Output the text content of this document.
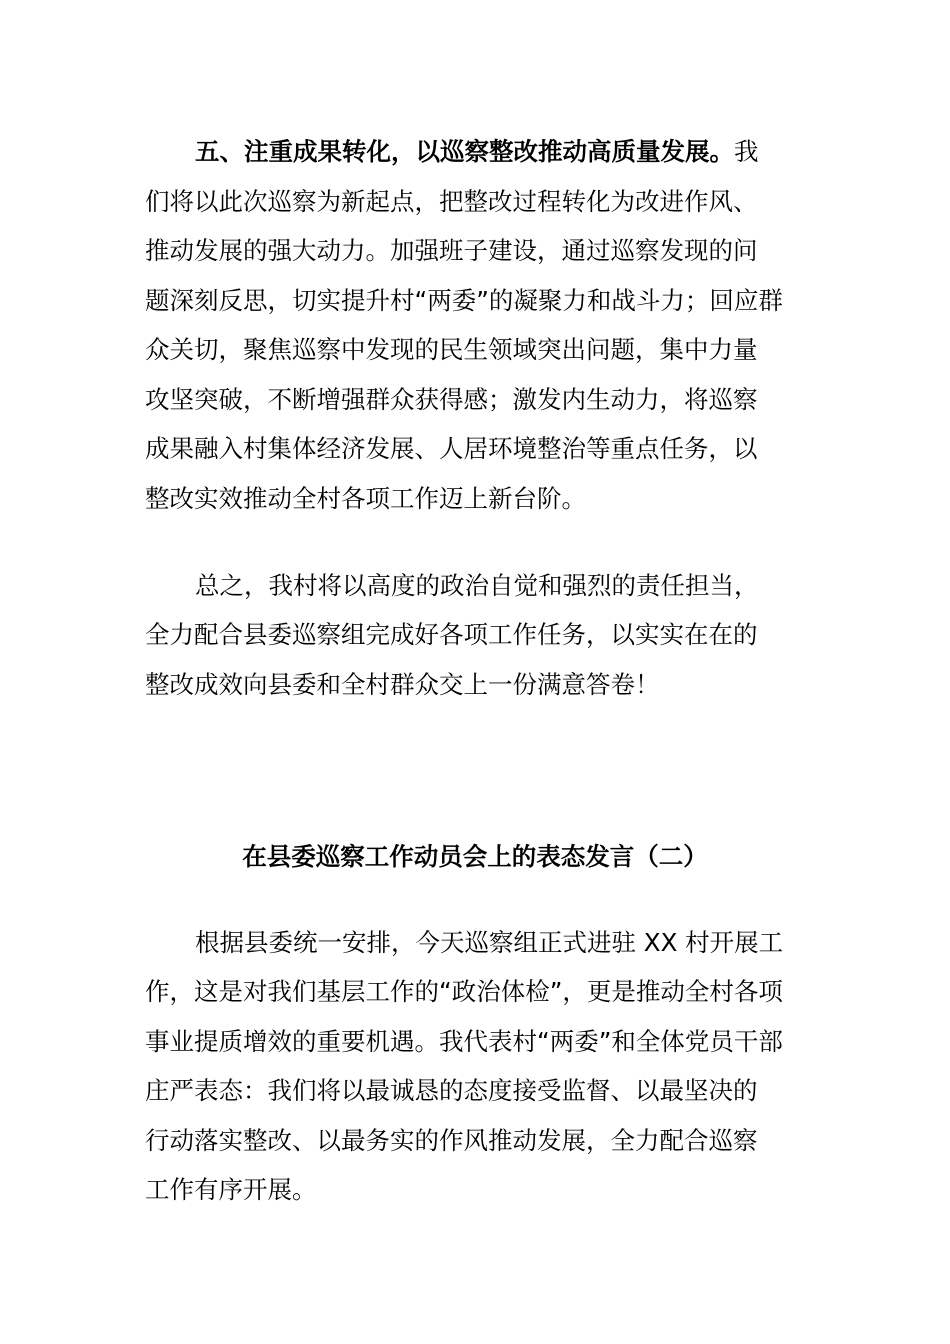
五、注重成果转化，以巡察整改推动高质量发展。我
们将以此次巡察为新起点，把整改过程转化为改进作风、
推动发展的强大动力。加强班子建设，通过巡察发现的问
题深刻反思，切实提升村“两委”的凝聚力和战斗力；回应群
众关切，聚焦巡察中发现的民生领域突出问题，集中力量
攻坚突破，不断增强群众获得感；激发内生动力，将巡察
成果融入村集体经济发展、人居环境整治等重点任务，以
整改实效推动全村各项工作迈上新台阶。
总之，我村将以高度的政治自觉和强烈的责任担当，
全力配合县委巡察组完成好各项工作任务，以实实在在的
整改成效向县委和全村群众交上一份满意答卷！
在县委巡察工作动员会上的表态发言（二）
根据县委统一安排，今天巡察组正式进驻 XX 村开展工
作，这是对我们基层工作的“政治体检”，更是推动全村各项
事业提质增效的重要机遇。我代表村“两委”和全体党员干部
庄严表态：我们将以最诚恳的态度接受监督、以最坚决的
行动落实整改、以最务实的作风推动发展，全力配合巡察
工作有序开展。
